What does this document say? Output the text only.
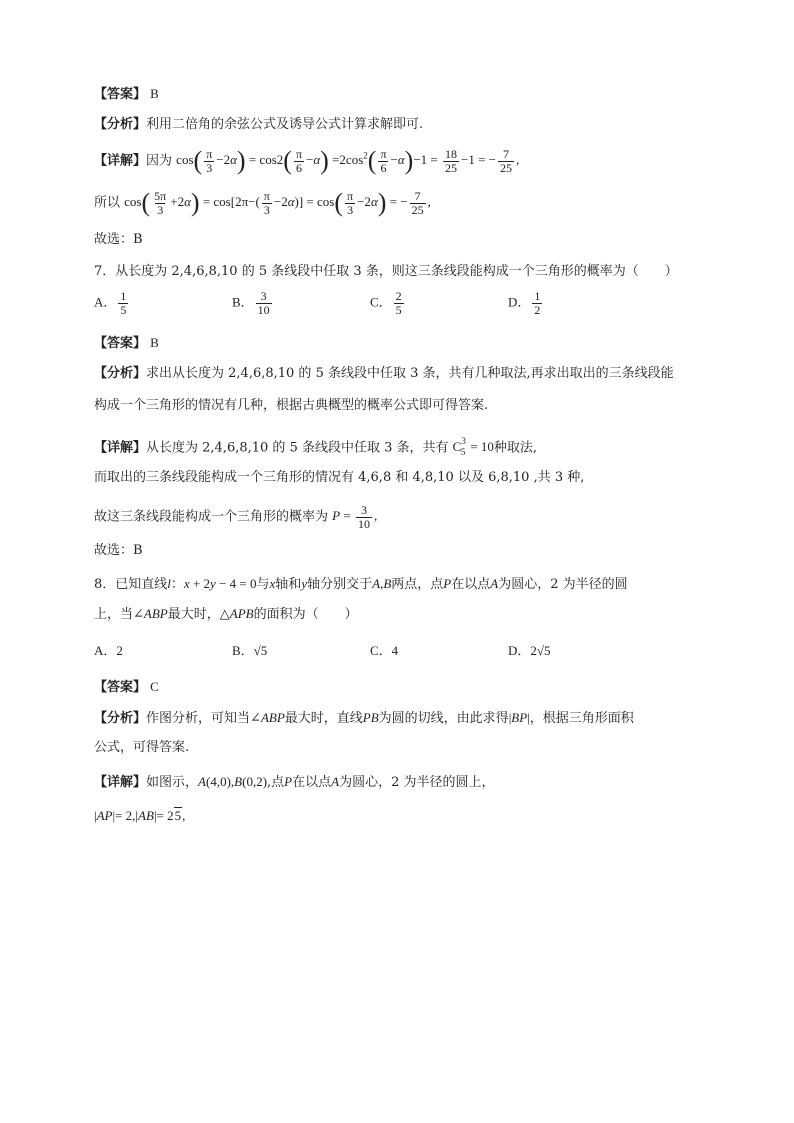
【答案】 B
【分析】利用二倍角的余弦公式及诱导公式计算求解即可.
【详解】因为 $\cos( \frac{\pi}{3} -2\alpha) = \cos 2( \frac{\pi}{6} -\alpha) =2\cos^2( \frac{\pi}{6} -\alpha)-1 = \frac{18}{25} -1$ = − $\frac{7}{25}$ ,
所以 $\cos( \frac{5\pi}{3} +2\alpha) = \cos[2\pi-( \frac{\pi}{3} -2\alpha)] = \cos( \frac{\pi}{3} -2\alpha)$ = − $\frac{7}{25}$ ,
故选：B
7．从长度为 2,4,6,8,10 的 5 条线段中任取 3 条，则这三条线段能构成一个三角形的概率为（　　）
A． $\frac{1}{5}$	B． $\frac{3}{10}$	C． $\frac{2}{5}$	D． $\frac{1}{2}$
【答案】 B
【分析】求出从长度为 2,4,6,8,10 的 5 条线段中任取 3 条，共有几种取法,再求出取出的三条线段能
构成一个三角形的情况有几种，根据古典概型的概率公式即可得答案.
【详解】从长度为 2,4,6,8,10 的 5 条线段中任取 3 条，共有 $C^3_5 = 10$种取法,
而取出的三条线段能构成一个三角形的情况有 4,6,8 和 4,8,10 以及 6,8,10 ,共 3 种,
故这三条线段能构成一个三角形的概率为 $P = \frac{3}{10}$ ,
故选：B
8．已知直线l：x + 2y − 4 = 0与x轴和y轴分别交于A,B两点，点P在以点A为圆心，2 为半径的圆
上，当∠ABP最大时，△APB的面积为（　　）
A．2	B．√5	C．4	D．2√5
【答案】 C
【分析】作图分析，可知当∠ABP最大时，直线PB为圆的切线，由此求得|BP|，根据三角形面积
公式，可得答案.
【详解】如图示，A(4,0),B(0,2),点P在以点A为圆心，2 为半径的圆上，
|AP|= 2,|AB|= 25,
